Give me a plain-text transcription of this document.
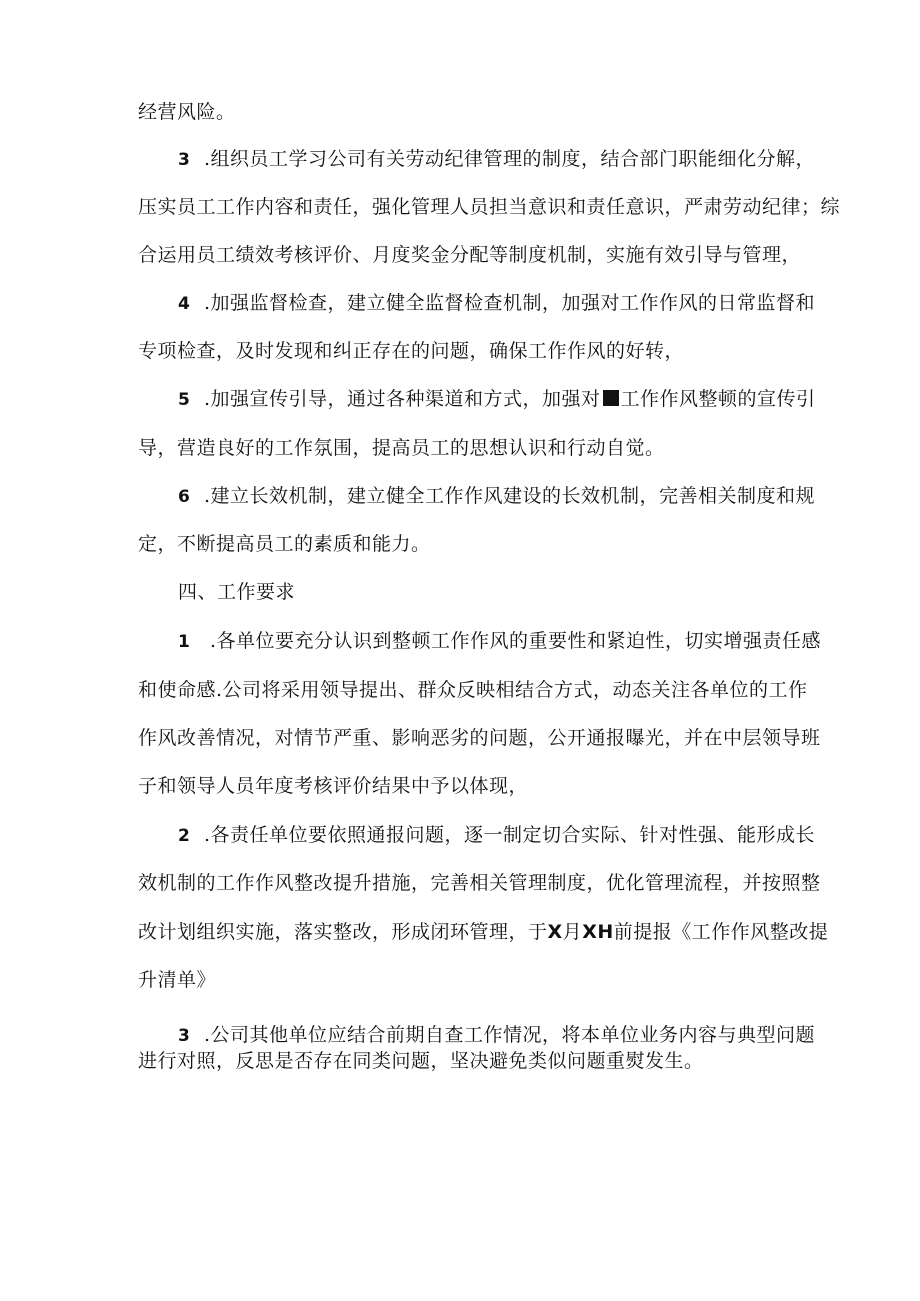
经营风险。
3 .组织员工学习公司有关劳动纪律管理的制度，结合部门职能细化分解，
压实员工工作内容和责任，强化管理人员担当意识和责任意识，严肃劳动纪律；综
合运用员工绩效考核评价、月度奖金分配等制度机制，实施有效引导与管理，
4 .加强监督检查，建立健全监督检查机制，加强对工作作风的日常监督和
专项检查，及时发现和纠正存在的问题，确保工作作风的好转，
5 .加强宣传引导，通过各种渠道和方式，加强对 工作作风整顿的宣传引
导，营造良好的工作氛围，提高员工的思想认识和行动自觉。
6 .建立长效机制，建立健全工作作风建设的长效机制，完善相关制度和规
定，不断提高员工的素质和能力。
四、工作要求
1 .各单位要充分认识到整顿工作作风的重要性和紧迫性，切实增强责任感
和使命感.公司将采用领导提出、群众反映相结合方式，动态关注各单位的工作
作风改善情况，对情节严重、影响恶劣的问题，公开通报曝光，并在中层领导班
子和领导人员年度考核评价结果中予以体现，
2 .各责任单位要依照通报问题，逐一制定切合实际、针对性强、能形成长
效机制的工作作风整改提升措施，完善相关管理制度，优化管理流程，并按照整
改计划组织实施，落实整改，形成闭环管理，于X月XH前提报《工作作风整改提
升清单》
3 .公司其他单位应结合前期自查工作情况，将本单位业务内容与典型问题
进行对照，反思是否存在同类问题，坚决避免类似问题重熨发生。
